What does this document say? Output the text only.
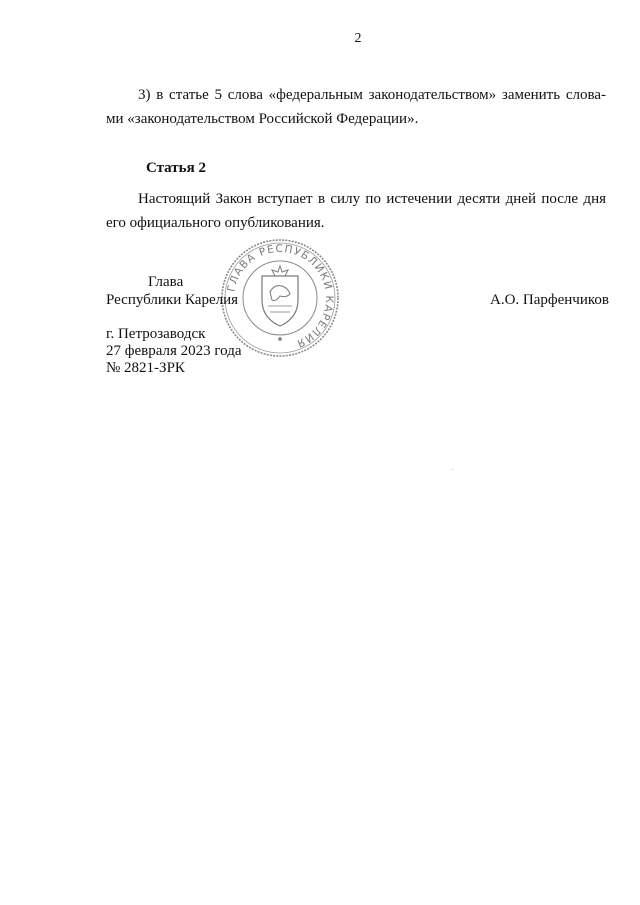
2
3) в статье 5 слова «федеральным законодательством» заменить слова-
ми «законодательством Российской Федерации».
Статья 2
Настоящий Закон вступает в силу по истечении десяти дней после дня
его официального опубликования.
ГЛАВА РЕСПУБЛИКИ КАРЕЛИЯ
Глава
Республики Карелия	А.О. Парфенчиков
г. Петрозаводск
27 февраля 2023 года
№ 2821-ЗРК
